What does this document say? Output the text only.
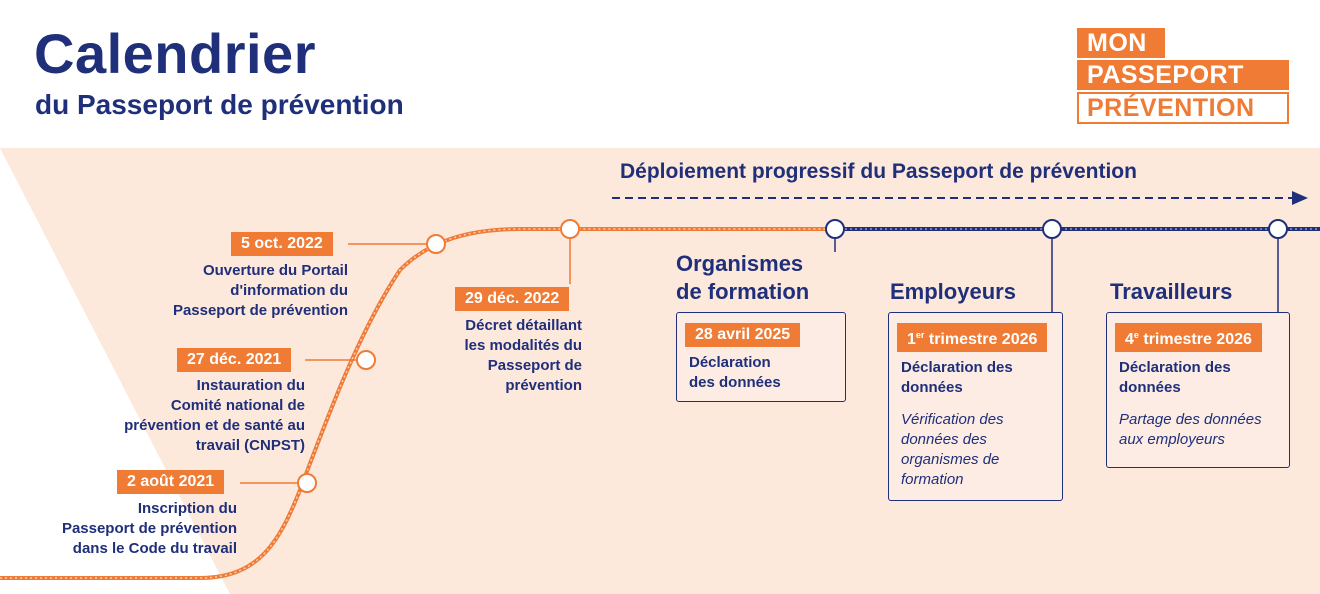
Calendrier
du Passeport de prévention
MON
PASSEPORT
PRÉVENTION
Déploiement progressif du Passeport de prévention
2 août 2021
Inscription du
Passeport de prévention
dans le Code du travail
27 déc. 2021
Instauration du
Comité national de
prévention et de santé au
travail (CNPST)
5 oct. 2022
Ouverture du Portail
d'information du
Passeport de prévention
29 déc. 2022
Décret détaillant
les modalités du
Passeport de
prévention
Organismes
de formation
28 avril 2025
Déclaration
des données
Employeurs
1er trimestre 2026
Déclaration des
données
Vérification des
données des
organismes de
formation
Travailleurs
4e trimestre 2026
Déclaration des
données
Partage des données
aux employeurs
